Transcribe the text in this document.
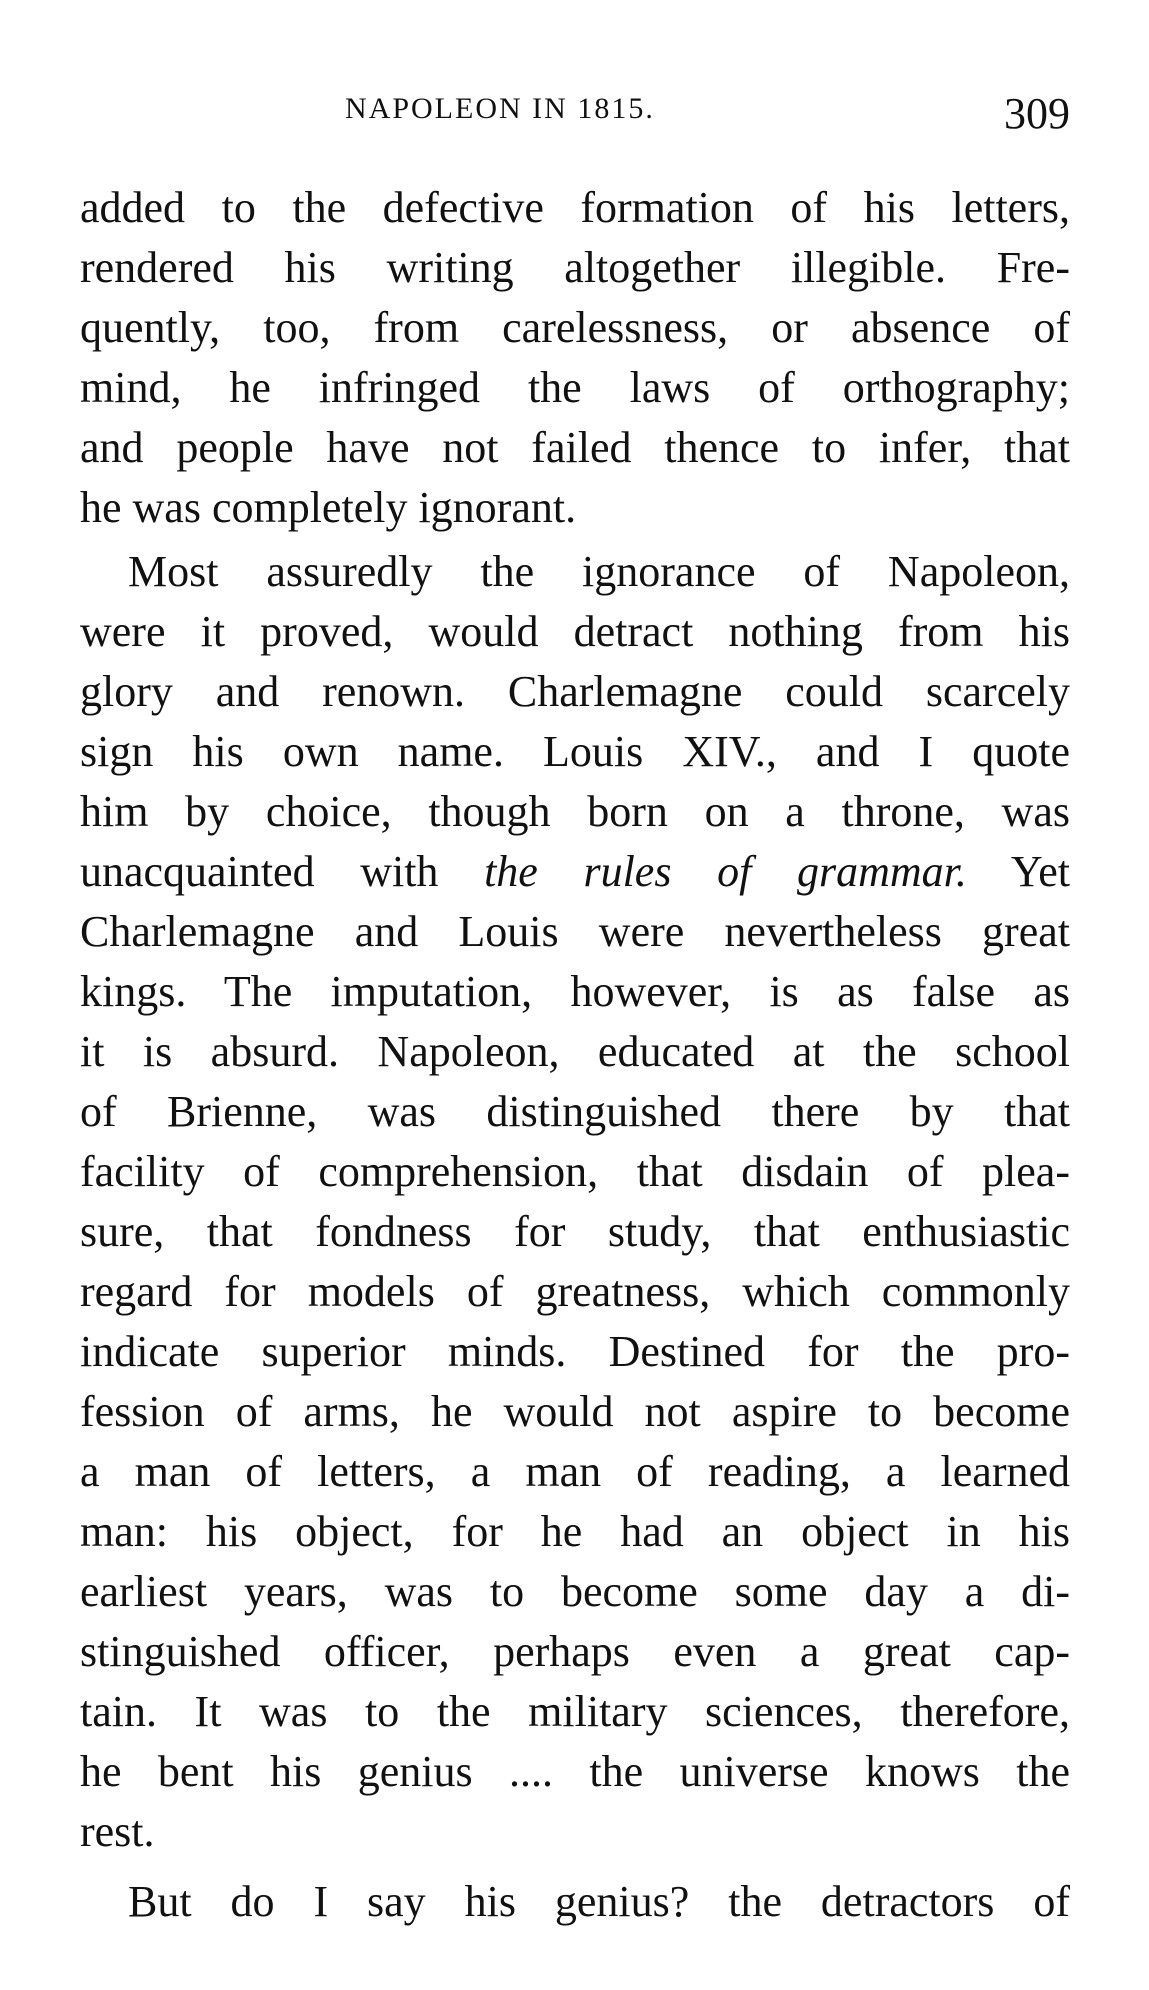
NAPOLEON IN 1815.	309
added to the defective formation of his letters,
rendered his writing altogether illegible. Fre-
quently, too, from carelessness, or absence of
mind, he infringed the laws of orthography;
and people have not failed thence to infer, that
he was completely ignorant.
Most assuredly the ignorance of Napoleon,
were it proved, would detract nothing from his
glory and renown. Charlemagne could scarcely
sign his own name. Louis XIV., and I quote
him by choice, though born on a throne, was
unacquainted with the rules of grammar. Yet
Charlemagne and Louis were nevertheless great
kings. The imputation, however, is as false as
it is absurd. Napoleon, educated at the school
of Brienne, was distinguished there by that
facility of comprehension, that disdain of plea-
sure, that fondness for study, that enthusiastic
regard for models of greatness, which commonly
indicate superior minds. Destined for the pro-
fession of arms, he would not aspire to become
a man of letters, a man of reading, a learned
man: his object, for he had an object in his
earliest years, was to become some day a di-
stinguished officer, perhaps even a great cap-
tain. It was to the military sciences, therefore,
he bent his genius .... the universe knows the
rest.
But do I say his genius? the detractors of
